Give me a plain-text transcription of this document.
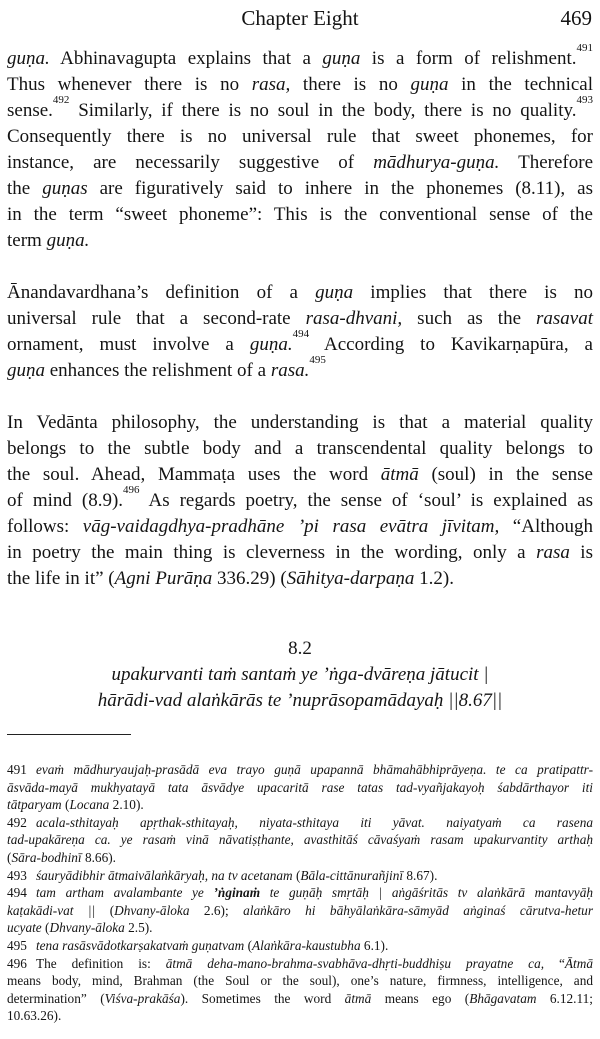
Chapter Eight	469
guṇa. Abhinavagupta explains that a guṇa is a form of relishment.$^{491}$
Thus whenever there is no rasa, there is no guṇa in the technical
sense.$^{492}$ Similarly, if there is no soul in the body, there is no quality.$^{493}$
Consequently there is no universal rule that sweet phonemes, for
instance, are necessarily suggestive of mādhurya-guṇa. Therefore
the guṇas are figuratively said to inhere in the phonemes (8.11), as
in the term “sweet phoneme”: This is the conventional sense of the
term guṇa.
Ānandavardhana’s definition of a guṇa implies that there is no
universal rule that a second-rate rasa-dhvani, such as the rasavat
ornament, must involve a guṇa.$^{494}$ According to Kavikarṇapūra, a
guṇa enhances the relishment of a rasa.$^{495}$
In Vedānta philosophy, the understanding is that a material quality
belongs to the subtle body and a transcendental quality belongs to
the soul. Ahead, Mammaṭa uses the word ātmā (soul) in the sense
of mind (8.9).$^{496}$ As regards poetry, the sense of ‘soul’ is explained as
follows: vāg-vaidagdhya-pradhāne ’pi rasa evātra jīvitam, “Although
in poetry the main thing is cleverness in the wording, only a rasa is
the life in it” (Agni Purāṇa 336.29) (Sāhitya-darpaṇa 1.2).
8.2
upakurvanti taṁ santaṁ ye ’ṅga-dvāreṇa jātucit |
hārādi-vad alaṅkārās te ’nuprāsopamādayaḥ ||8.67||
491 evaṁ mādhuryaujaḥ-prasādā eva trayo guṇā upapannā bhāmahābhiprāyeṇa. te ca pratipattr-
āsvāda-mayā mukhyatayā tata āsvādye upacaritā rase tatas tad-vyañjakayoḥ śabdārthayor iti
tātparyam (Locana 2.10).
492 acala-sthitayaḥ apṛthak-sthitayaḥ, niyata-sthitaya iti yāvat. naiyatyaṁ ca rasena
tad-upakāreṇa ca. ye rasaṁ vinā nāvatiṣṭhante, avasthitāś cāvaśyaṁ rasam upakurvantity arthaḥ
(Sāra-bodhinī 8.66).
493 śauryādibhir ātmaivālaṅkāryaḥ, na tv acetanam (Bāla-cittānurañjinī 8.67).
494 tam artham avalambante ye ’ṅginaṁ te guṇāḥ smṛtāḥ | aṅgāśritās tv alaṅkārā mantavyāḥ
kaṭakādi-vat || (Dhvany-āloka 2.6); alaṅkāro hi bāhyālaṅkāra-sāmyād aṅginaś cārutva-hetur
ucyate (Dhvany-āloka 2.5).
495 tena rasāsvādotkarṣakatvaṁ guṇatvam (Alaṅkāra-kaustubha 6.1).
496 The definition is: ātmā deha-mano-brahma-svabhāva-dhṛti-buddhiṣu prayatne ca, “Ātmā
means body, mind, Brahman (the Soul or the soul), one’s nature, firmness, intelligence, and
determination” (Viśva-prakāśa). Sometimes the word ātmā means ego (Bhāgavatam 6.12.11;
10.63.26).
